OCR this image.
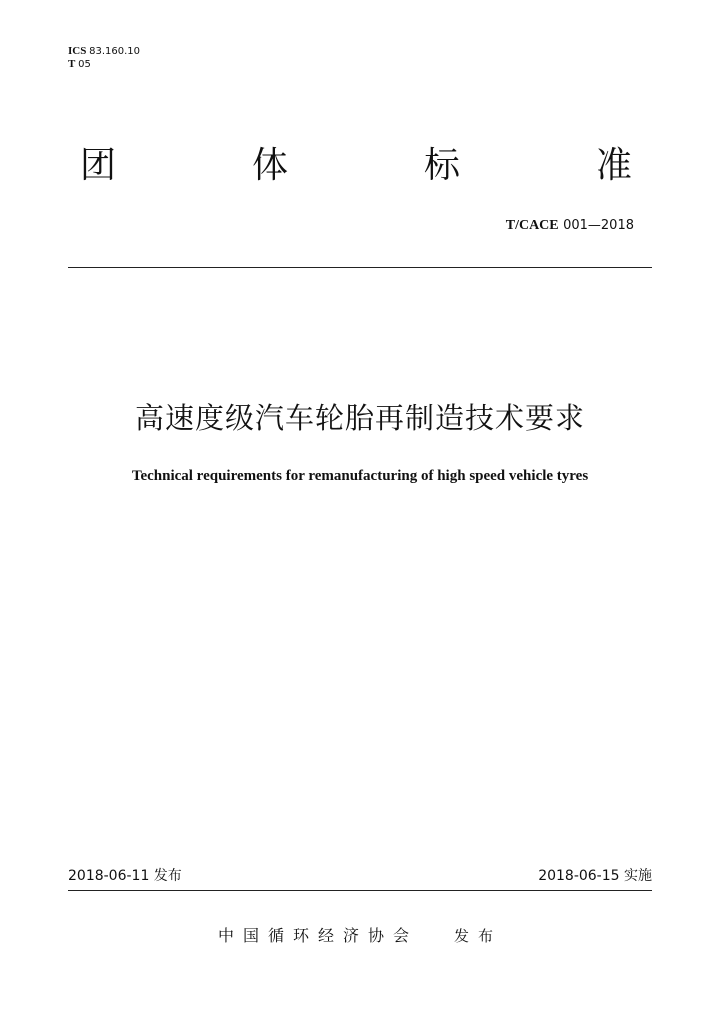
ICS 83.160.10
T 05
团	体	标	准
T/CACE 001—2018
高速度级汽车轮胎再制造技术要求
Technical requirements for remanufacturing of high speed vehicle tyres
2018-06-11 发布	2018-06-15 实施
中国循环经济协会 发布
